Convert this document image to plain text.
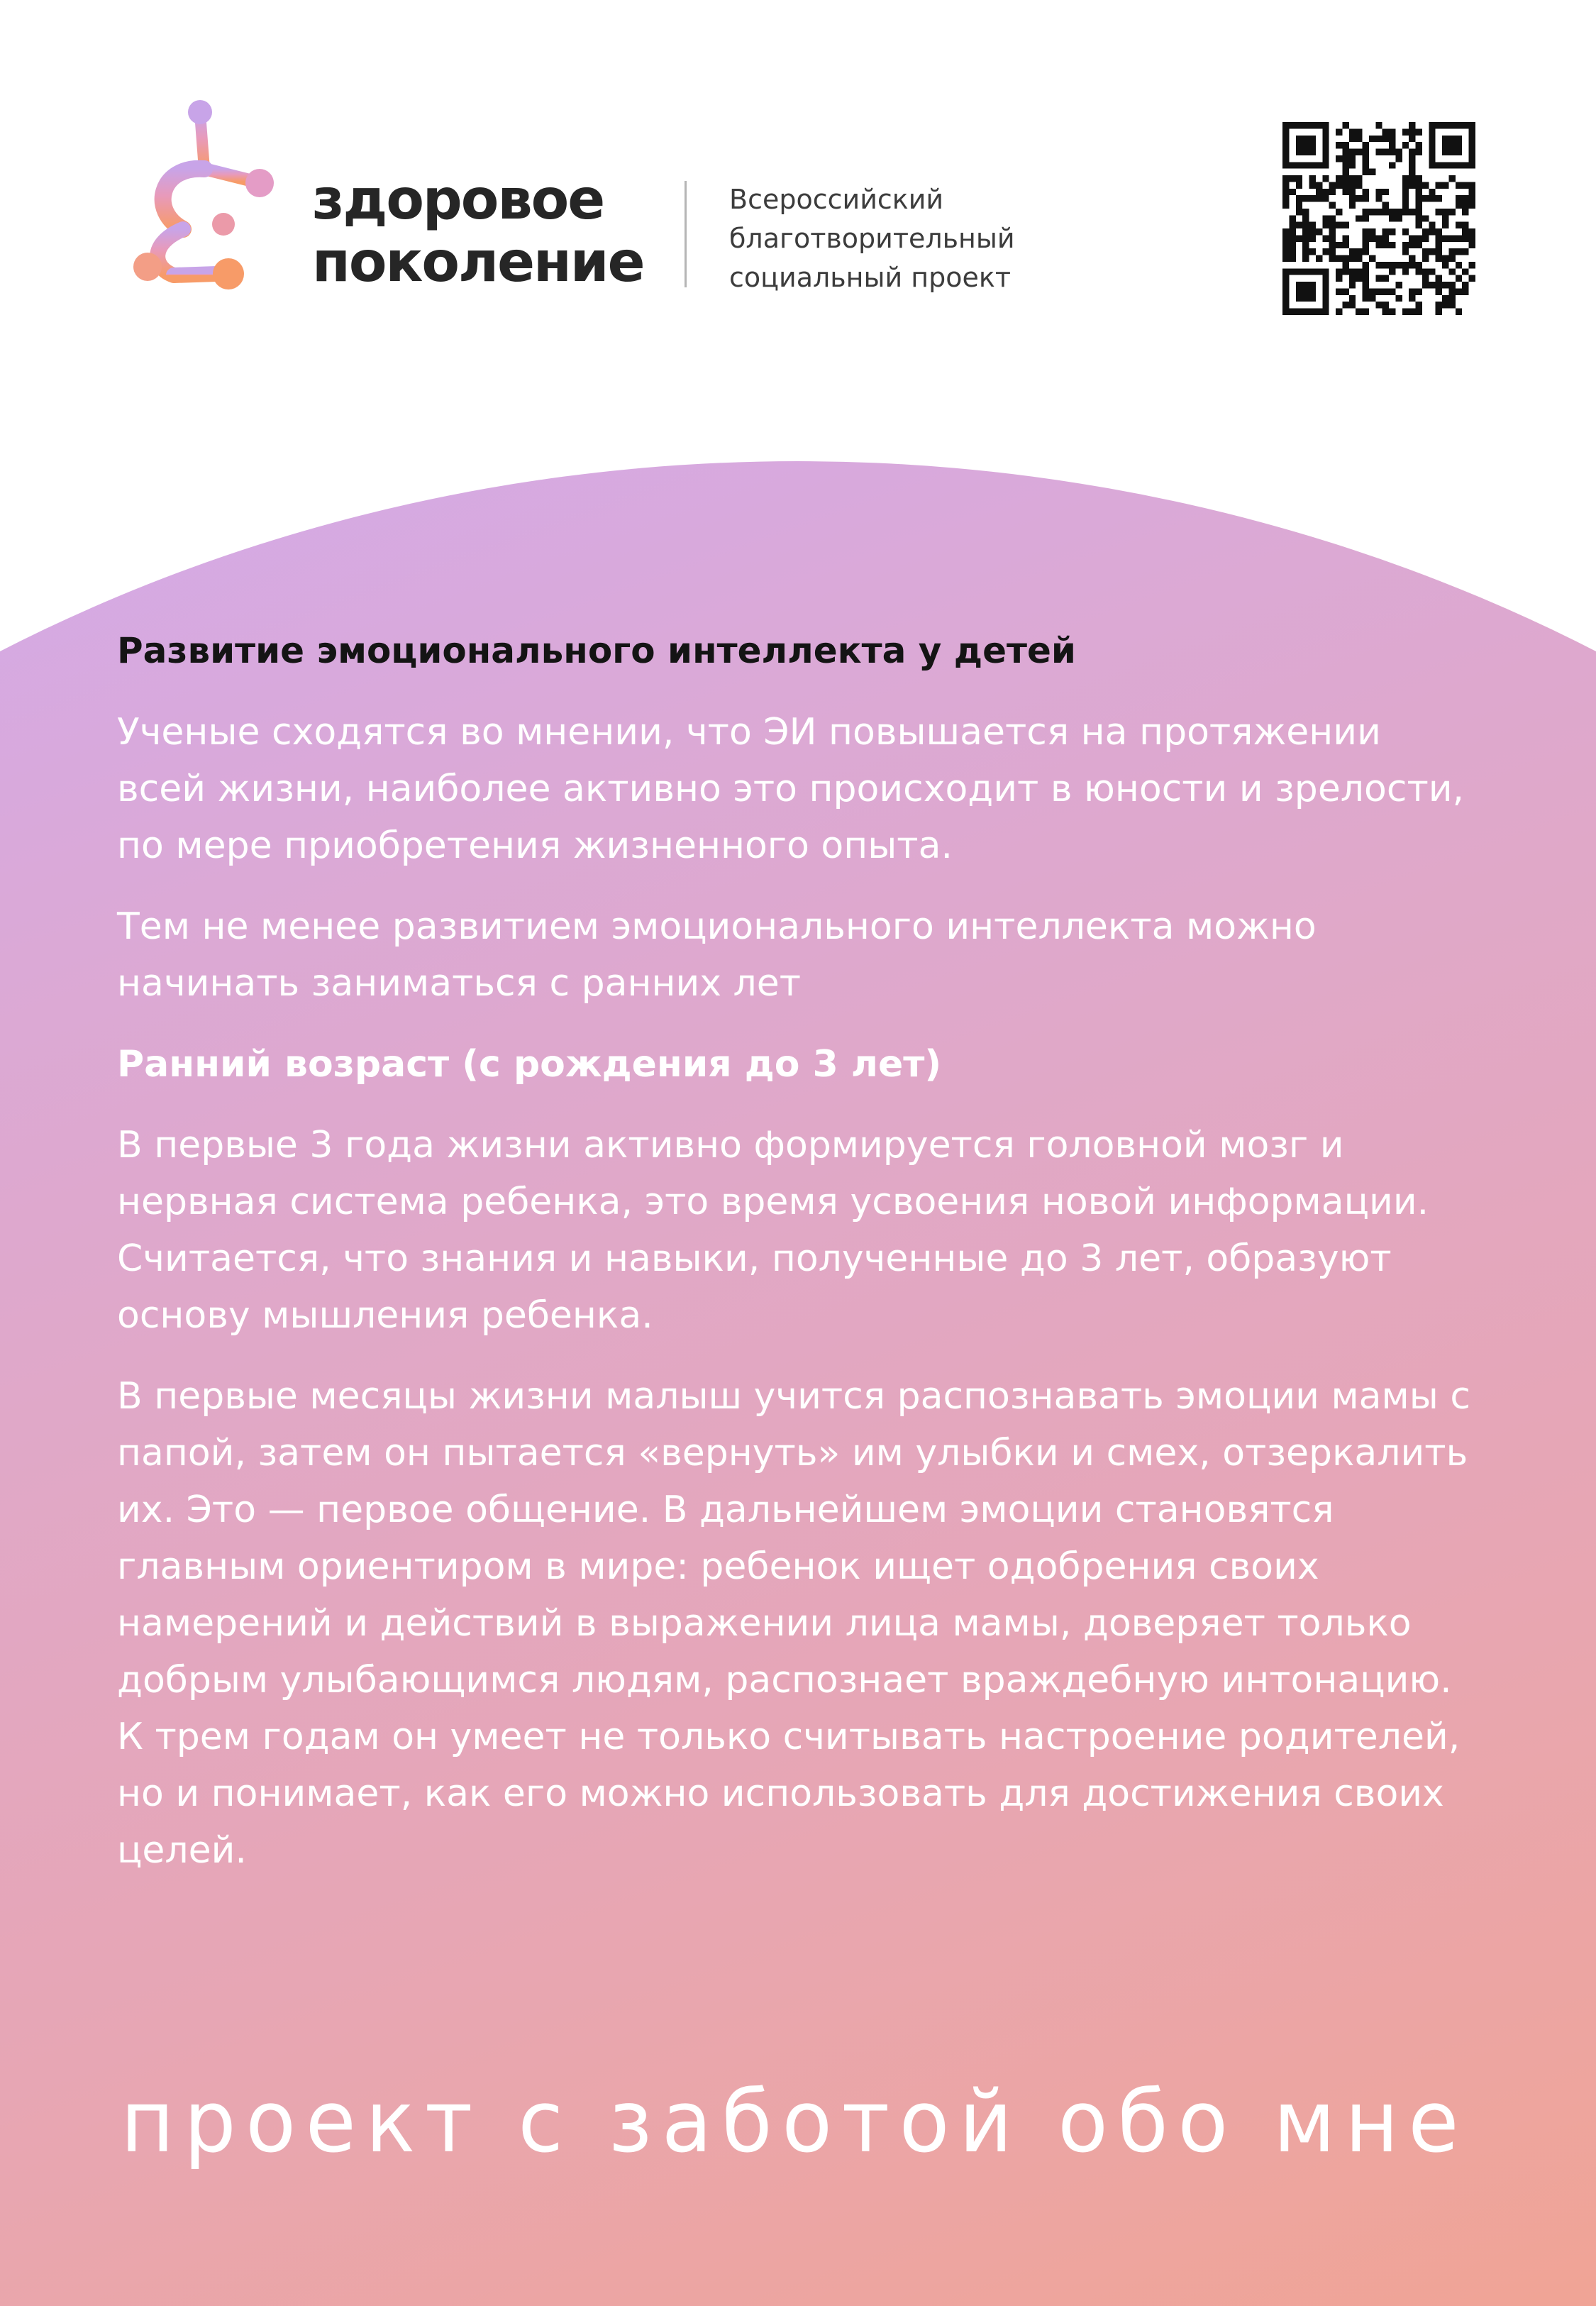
здоровое
поколение

Всероссийский
благотворительный
социальный проект

Развитие эмоционального интеллекта у детей

Ученые сходятся во мнении, что ЭИ повышается на протяжении всей жизни, наиболее активно это происходит в юности и зрелости, по мере приобретения жизненного опыта.

Тем не менее развитием эмоционального интеллекта можно начинать заниматься с ранних лет

Ранний возраст (с рождения до 3 лет)

В первые 3 года жизни активно формируется головной мозг и нервная система ребенка, это время усвоения новой информации. Считается, что знания и навыки, полученные до 3 лет, образуют основу мышления ребенка.

В первые месяцы жизни малыш учится распознавать эмоции мамы с папой, затем он пытается «вернуть» им улыбки и смех, отзеркалить их. Это — первое общение. В дальнейшем эмоции становятся главным ориентиром в мире: ребенок ищет одобрения своих намерений и действий в выражении лица мамы, доверяет только добрым улыбающимся людям, распознает враждебную интонацию. К трем годам он умеет не только считывать настроение родителей, но и понимает, как его можно использовать для достижения своих целей.

проект с заботой обо мне
